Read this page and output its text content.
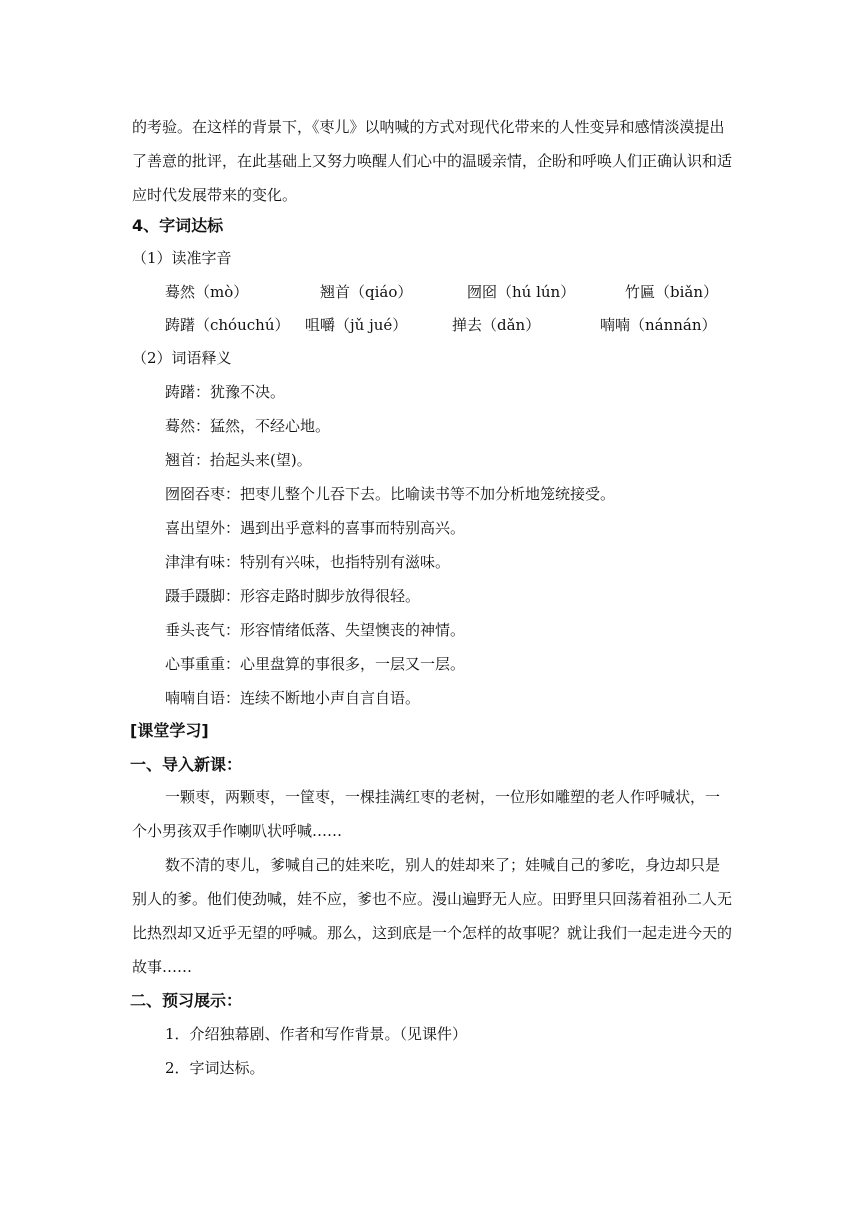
的考验。在这样的背景下，《枣儿》以呐喊的方式对现代化带来的人性变异和感情淡漠提出了善意的批评，在此基础上又努力唤醒人们心中的温暖亲情，企盼和呼唤人们正确认识和适应时代发展带来的变化。

4、字词达标
（1）读准字音
蓦然（mò）	翘首（qiáo）	囫囵（hú lún）	竹匾（biǎn）
踌躇（chóuchú） 咀嚼（jǔ jué）	掸去（dǎn）	喃喃（nánnán）
（2）词语释义
踌躇：犹豫不决。
蓦然：猛然，不经心地。
翘首：抬起头来(望)。
囫囵吞枣：把枣儿整个儿吞下去。比喻读书等不加分析地笼统接受。
喜出望外：遇到出乎意料的喜事而特别高兴。
津津有味：特别有兴味，也指特别有滋味。
蹑手蹑脚：形容走路时脚步放得很轻。
垂头丧气：形容情绪低落、失望懊丧的神情。
心事重重：心里盘算的事很多，一层又一层。
喃喃自语：连续不断地小声自言自语。
[课堂学习]
一、导入新课：
一颗枣，两颗枣，一筐枣，一棵挂满红枣的老树，一位形如雕塑的老人作呼喊状，一个小男孩双手作喇叭状呼喊……
数不清的枣儿，爹喊自己的娃来吃，别人的娃却来了；娃喊自己的爹吃，身边却只是别人的爹。他们使劲喊，娃不应，爹也不应。漫山遍野无人应。田野里只回荡着祖孙二人无比热烈却又近乎无望的呼喊。那么，这到底是一个怎样的故事呢？就让我们一起走进今天的故事……
二、预习展示：
1．介绍独幕剧、作者和写作背景。（见课件）
2．字词达标。
